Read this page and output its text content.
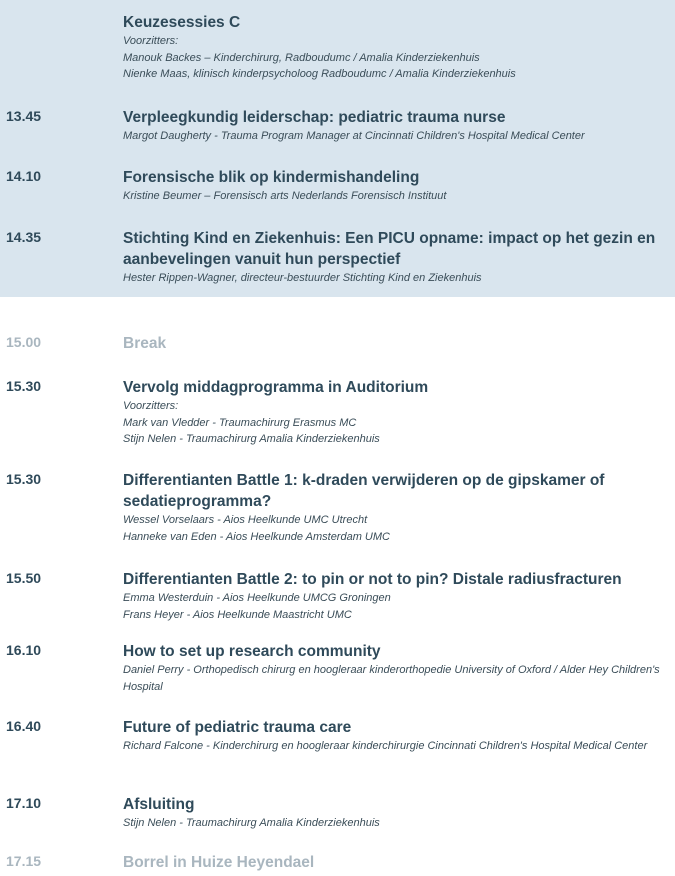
Keuzesessies C
Voorzitters:
Manouk Backes – Kinderchirurg, Radboudumc / Amalia Kinderziekenhuis
Nienke Maas, klinisch kinderpsycholoog Radboudumc / Amalia Kinderziekenhuis
13.45	Verpleegkundig leiderschap: pediatric trauma nurse
Margot Daugherty - Trauma Program Manager at Cincinnati Children's Hospital Medical Center
14.10	Forensische blik op kindermishandeling
Kristine Beumer – Forensisch arts Nederlands Forensisch Instituut
14.35	Stichting Kind en Ziekenhuis: Een PICU opname: impact op het gezin en aanbevelingen vanuit hun perspectief
Hester Rippen-Wagner, directeur-bestuurder Stichting Kind en Ziekenhuis
15.00	Break
15.30	Vervolg middagprogramma in Auditorium
Voorzitters:
Mark van Vledder - Traumachirurg Erasmus MC
Stijn Nelen - Traumachirurg Amalia Kinderziekenhuis
15.30	Differentianten Battle 1: k-draden verwijderen op de gipskamer of sedatieprogramma?
Wessel Vorselaars - Aios Heelkunde UMC Utrecht
Hanneke van Eden - Aios Heelkunde Amsterdam UMC
15.50	Differentianten Battle 2: to pin or not to pin? Distale radiusfracturen
Emma Westerduin - Aios Heelkunde UMCG Groningen
Frans Heyer - Aios Heelkunde Maastricht UMC
16.10	How to set up research community
Daniel Perry - Orthopedisch chirurg en hoogleraar kinderorthopedie University of Oxford / Alder Hey Children's Hospital
16.40	Future of pediatric trauma care
Richard Falcone - Kinderchirurg en hoogleraar kinderchirurgie Cincinnati Children's Hospital Medical Center
17.10	Afsluiting
Stijn Nelen - Traumachirurg Amalia Kinderziekenhuis
17.15	Borrel in Huize Heyendael
